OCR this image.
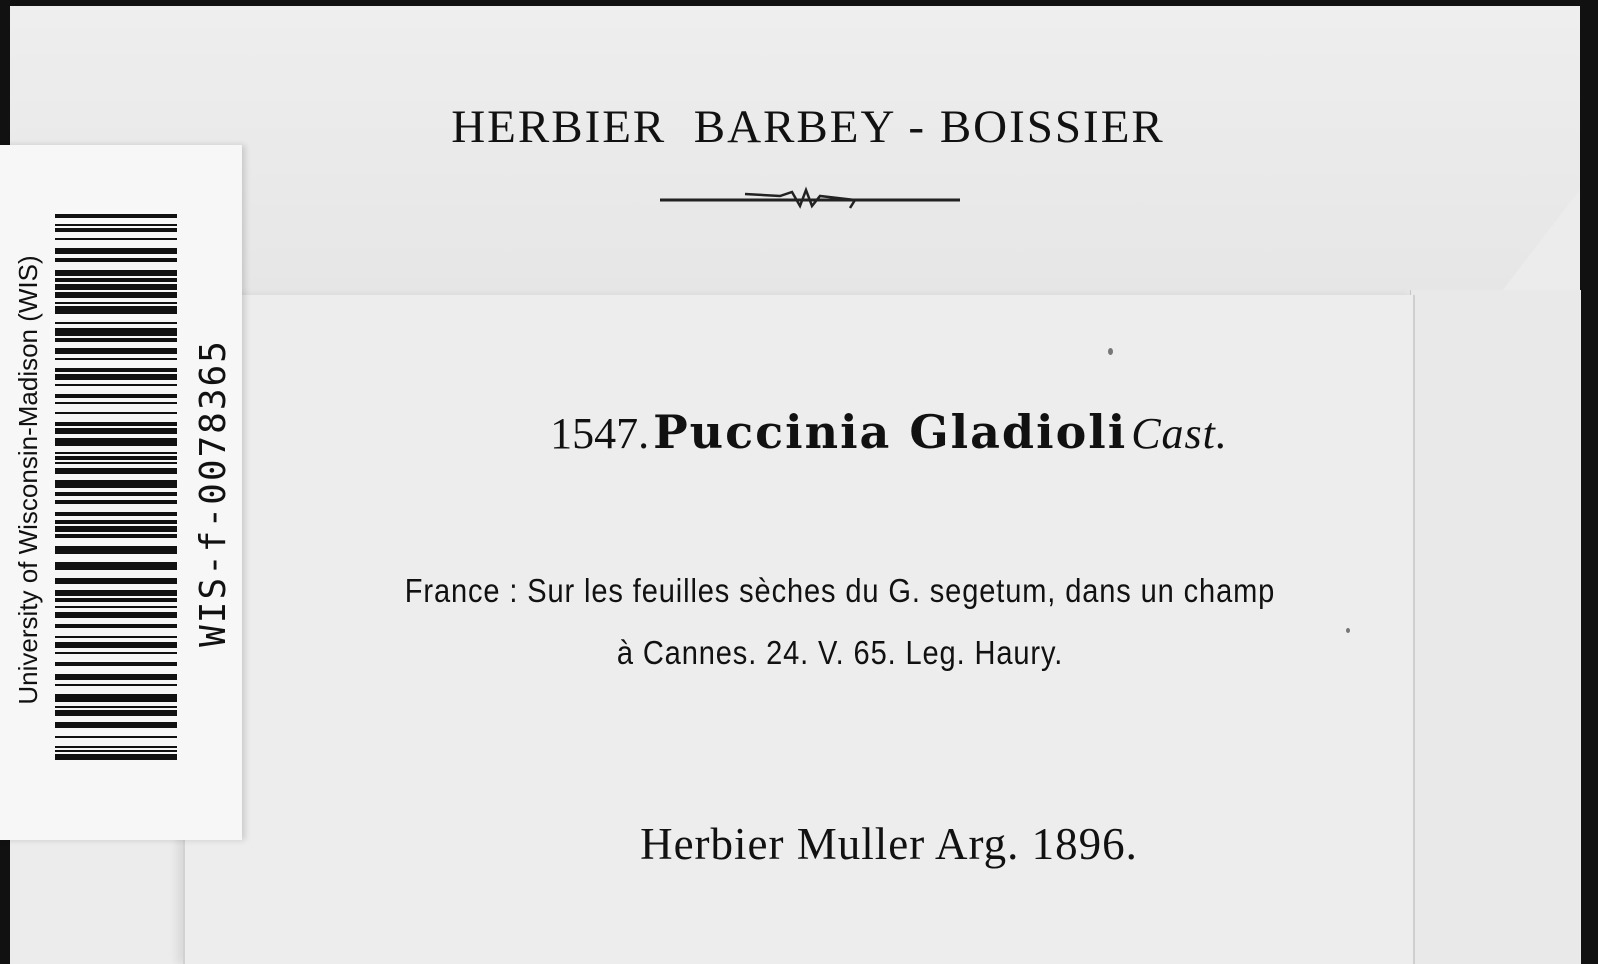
HERBIER  BARBEY - BOISSIER
1547. Puccinia Gladioli Cast.
France : Sur les feuilles sèches du G. segetum, dans un champ
à Cannes. 24. V. 65. Leg. Haury.
Herbier Muller Arg. 1896.
University of Wisconsin-Madison (WIS)	WIS-f-0078365
